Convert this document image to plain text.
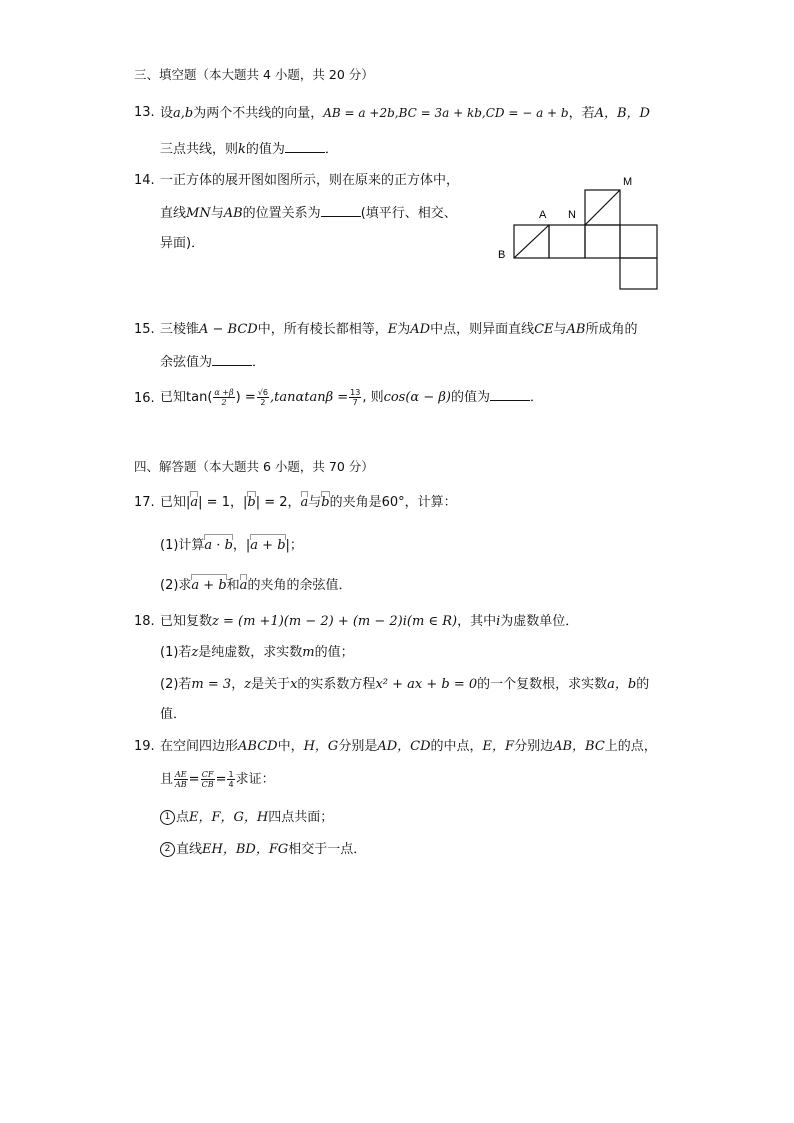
三、填空题（本大题共 4 小题，共 20 分）
13. 设a,b为两个不共线的向量，AB = a +2b,BC = 3a + kb,CD = − a + b，若A，B，D
三点共线，则k的值为	．
14. 一正方体的展开图如图所示，则在原来的正方体中，
直线MN与AB的位置关系为	(填平行、相交、
异面)．
M
A N
B
15. 三棱锥A − BCD中，所有棱长都相等，E为AD中点，则异面直线CE与AB所成角的
余弦值为	．
16. 已知$\tan( \frac{\alpha +\beta}{2}$ ) = $\frac{√6}{2} ,\tan\alpha\tan\beta = \frac{13}{7}$ , 则cos(α − β)的值为	．
四、解答题（本大题共 6 小题，共 70 分）
17. 已知|a| = 1，|b| = 2，a与b的夹角是60°，计算：
(1)计算a · b，|a + b|；
(2)求a + b和a的夹角的余弦值．
18. 已知复数z = (m +1)(m − 2) + (m − 2)i(m ∈ R)，其中i为虚数单位．
(1)若z是纯虚数，求实数m的值；
(2)若m = 3，z是关于x的实系数方程x² + ax + b = 0的一个复数根，求实数a，b的
值．
19. 在空间四边形ABCD中，H，G分别是AD，CD的中点，E，F分别边AB，BC上的点，
且 $\frac{AE}{AB} = \frac{CF}{CB} = \frac{1}{4}$ 求证：
1 点E，F，G，H四点共面；
2 直线EH，BD，FG相交于一点．
